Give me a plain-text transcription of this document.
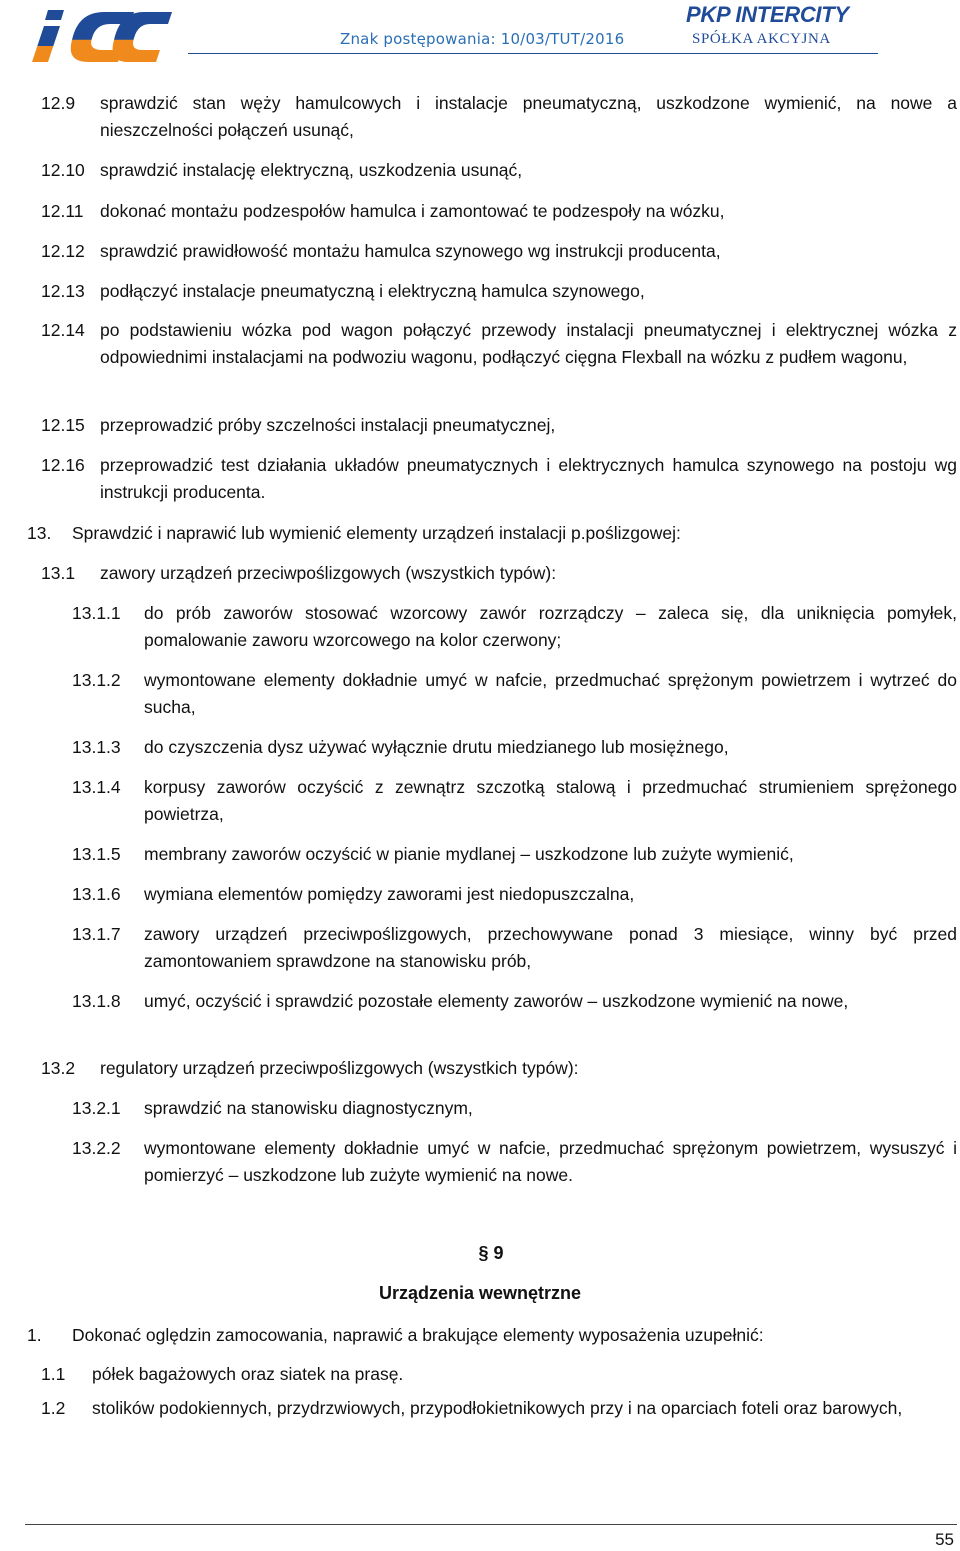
Znak postępowania: 10/03/TUT/2016
PKP INTERCITY
SPÓŁKA AKCYJNA
12.9 sprawdzić stan węży hamulcowych i instalacje pneumatyczną, uszkodzone wymienić, na nowe a nieszczelności połączeń usunąć,
12.10 sprawdzić instalację elektryczną, uszkodzenia usunąć,
12.11 dokonać montażu podzespołów hamulca i zamontować te podzespoły na wózku,
12.12 sprawdzić prawidłowość montażu hamulca szynowego wg instrukcji producenta,
12.13 podłączyć instalacje pneumatyczną i elektryczną hamulca szynowego,
12.14 po podstawieniu wózka pod wagon połączyć przewody instalacji pneumatycznej i elektrycznej wózka z odpowiednimi instalacjami na podwoziu wagonu, podłączyć cięgna Flexball na wózku z pudłem wagonu,
12.15 przeprowadzić próby szczelności instalacji pneumatycznej,
12.16 przeprowadzić test działania układów pneumatycznych i elektrycznych hamulca szynowego na postoju wg instrukcji producenta.
13. Sprawdzić i naprawić lub wymienić elementy urządzeń instalacji p.poślizgowej:
13.1 zawory urządzeń przeciwpoślizgowych (wszystkich typów):
13.1.1 do prób zaworów stosować wzorcowy zawór rozrządczy – zaleca się, dla uniknięcia pomyłek, pomalowanie zaworu wzorcowego na kolor czerwony;
13.1.2 wymontowane elementy dokładnie umyć w nafcie, przedmuchać sprężonym powietrzem i wytrzeć do sucha,
13.1.3 do czyszczenia dysz używać wyłącznie drutu miedzianego lub mosiężnego,
13.1.4 korpusy zaworów oczyścić z zewnątrz szczotką stalową i przedmuchać strumieniem sprężonego powietrza,
13.1.5 membrany zaworów oczyścić w pianie mydlanej – uszkodzone lub zużyte wymienić,
13.1.6 wymiana elementów pomiędzy zaworami jest niedopuszczalna,
13.1.7 zawory urządzeń przeciwpoślizgowych, przechowywane ponad 3 miesiące, winny być przed zamontowaniem sprawdzone na stanowisku prób,
13.1.8 umyć, oczyścić i sprawdzić pozostałe elementy zaworów – uszkodzone wymienić na nowe,
13.2 regulatory urządzeń przeciwpoślizgowych (wszystkich typów):
13.2.1 sprawdzić na stanowisku diagnostycznym,
13.2.2 wymontowane elementy dokładnie umyć w nafcie, przedmuchać sprężonym powietrzem, wysuszyć i pomierzyć – uszkodzone lub zużyte wymienić na nowe.
§ 9
Urządzenia wewnętrzne
1. Dokonać oględzin zamocowania, naprawić a brakujące elementy wyposażenia uzupełnić:
1.1 półek bagażowych oraz siatek na prasę.
1.2 stolików podokiennych, przydrzwiowych, przypodłokietnikowych przy i na oparciach foteli oraz barowych,
55
